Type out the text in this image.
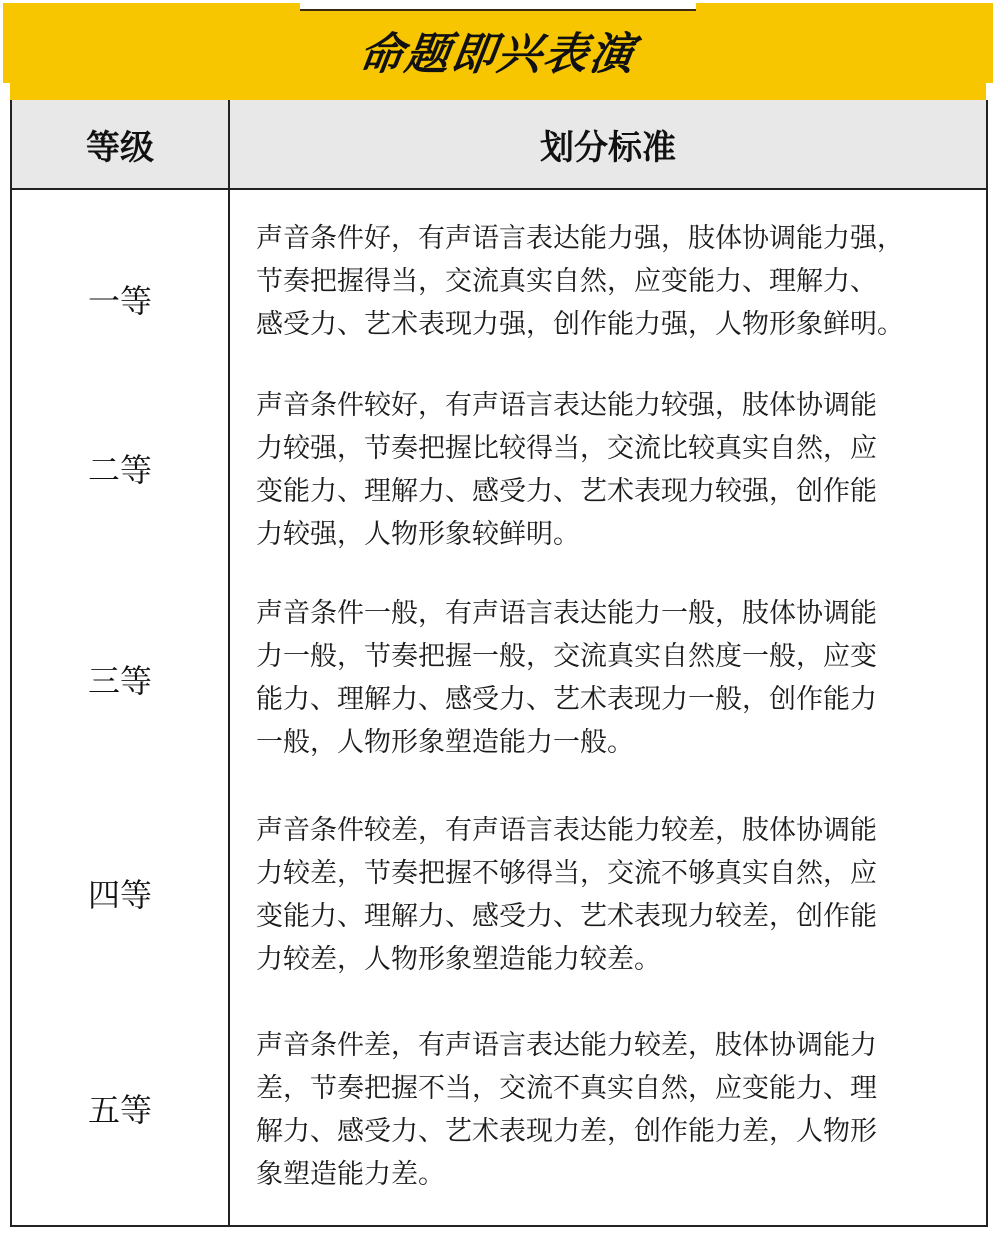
命题即兴表演
等级	划分标准
一等
声音条件好，有声语言表达能力强，肢体协调能力强，
节奏把握得当，交流真实自然，应变能力、理解力、
感受力、艺术表现力强，创作能力强，人物形象鲜明。
二等
声音条件较好，有声语言表达能力较强，肢体协调能
力较强，节奏把握比较得当，交流比较真实自然，应
变能力、理解力、感受力、艺术表现力较强，创作能
力较强，人物形象较鲜明。
三等
声音条件一般，有声语言表达能力一般，肢体协调能
力一般，节奏把握一般，交流真实自然度一般，应变
能力、理解力、感受力、艺术表现力一般，创作能力
一般，人物形象塑造能力一般。
四等
声音条件较差，有声语言表达能力较差，肢体协调能
力较差，节奏把握不够得当，交流不够真实自然，应
变能力、理解力、感受力、艺术表现力较差，创作能
力较差，人物形象塑造能力较差。
五等
声音条件差，有声语言表达能力较差，肢体协调能力
差，节奏把握不当，交流不真实自然，应变能力、理
解力、感受力、艺术表现力差，创作能力差，人物形
象塑造能力差。
